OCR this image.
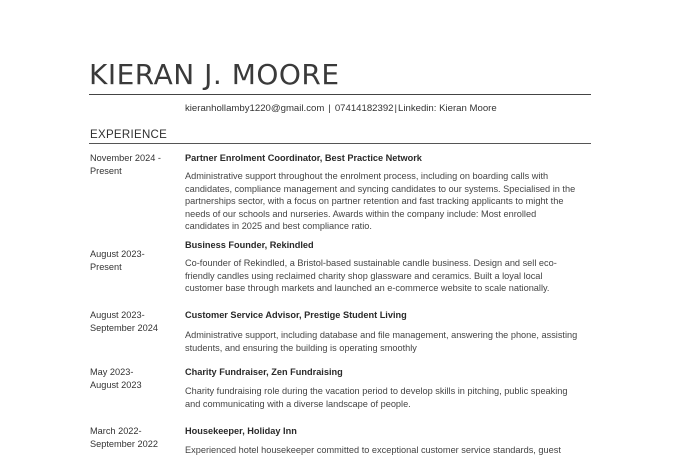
KIERAN J. MOORE
kieranhollamby1220@gmail.com | 07414182392|Linkedin: Kieran Moore
EXPERIENCE
November 2024 -
Present
Partner Enrolment Coordinator, Best Practice Network

Administrative support throughout the enrolment process, including on boarding calls with candidates, compliance management and syncing candidates to our systems. Specialised in the partnerships sector, with a focus on partner retention and fast tracking applicants to might the needs of our schools and nurseries. Awards within the company include: Most enrolled candidates in 2025 and best compliance ratio.

August 2023-
Present
Business Founder, Rekindled

Co-founder of Rekindled, a Bristol-based sustainable candle business. Design and sell eco-friendly candles using reclaimed charity shop glassware and ceramics. Built a loyal local customer base through markets and launched an e-commerce website to scale nationally.

August 2023-
September 2024
Customer Service Advisor, Prestige Student Living

Administrative support, including database and file management, answering the phone, assisting students, and ensuring the building is operating smoothly

May 2023-
August 2023
Charity Fundraiser, Zen Fundraising

Charity fundraising role during the vacation period to develop skills in pitching, public speaking and communicating with a diverse landscape of people.

March 2022-
September 2022
Housekeeper, Holiday Inn

Experienced hotel housekeeper committed to exceptional customer service standards, guest
